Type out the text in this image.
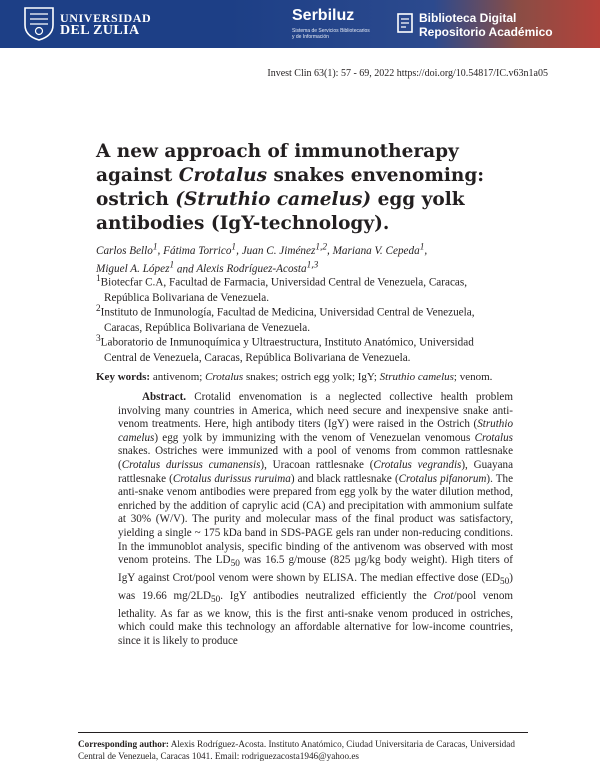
UNIVERSIDAD
DEL ZULIA
Serbiluz
Sistema de Servicios Bibliotecarios
y de Información
Biblioteca Digital
Repositorio Académico
Invest Clin 63(1): 57 - 69, 2022 https://doi.org/10.54817/IC.v63n1a05
A new approach of immunotherapy against Crotalus snakes envenoming: ostrich (Struthio camelus) egg yolk antibodies (IgY-technology).

Carlos Bello$^1$, Fátima Torrico$^1$, Juan C. Jiménez$^{1,2}$, Mariana V. Cepeda$^1$,
Miguel A. López$^1$ and Alexis Rodríguez-Acosta$^{1,3}$

$^1$Biotecfar C.A, Facultad de Farmacia, Universidad Central de Venezuela, Caracas,
República Bolivariana de Venezuela.

$^2$Instituto de Inmunología, Facultad de Medicina, Universidad Central de Venezuela,
Caracas, República Bolivariana de Venezuela.

$^3$Laboratorio de Inmunoquímica y Ultraestructura, Instituto Anatómico, Universidad
Central de Venezuela, Caracas, República Bolivariana de Venezuela.

Key words: antivenom; Crotalus snakes; ostrich egg yolk; IgY; Struthio camelus; venom.

Abstract. Crotalid envenomation is a neglected collective health problem involving many countries in America, which need secure and inexpensive snake anti-venom treatments. Here, high antibody titers (IgY) were raised in the Ostrich (Struthio camelus) egg yolk by immunizing with the venom of Venezuelan venomous Crotalus snakes. Ostriches were immunized with a pool of venoms from common rattlesnake (Crotalus durissus cumanensis), Uracoan rattlesnake (Crotalus vegrandis), Guayana rattlesnake (Crotalus durissus ruruima) and black rattlesnake (Crotalus pifanorum). The anti-snake venom antibodies were prepared from egg yolk by the water dilution method, enriched by the addition of caprylic acid (CA) and precipitation with ammonium sulfate at 30% (W/V). The purity and molecular mass of the final product was satisfactory, yielding a single ~ 175 kDa band in SDS-PAGE gels ran under non-reducing conditions. In the immunoblot analysis, specific binding of the antivenom was observed with most venom proteins. The $LD_{50}$ was 16.5 g/mouse (825 µg/kg body weight). High titers of IgY against Crot/pool venom were shown by ELISA. The median effective dose $(ED_{50})$ was 19.66 $mg/2LD_{50}$. IgY antibodies neutralized efficiently the Crot/pool venom lethality. As far as we know, this is the first anti-snake venom produced in ostriches, which could make this technology an affordable alternative for low-income countries, since it is likely to produce

Corresponding author: Alexis Rodríguez-Acosta. Instituto Anatómico, Ciudad Universitaria de Caracas, Universidad Central de Venezuela, Caracas 1041. Email: rodriguezacosta1946@yahoo.es
